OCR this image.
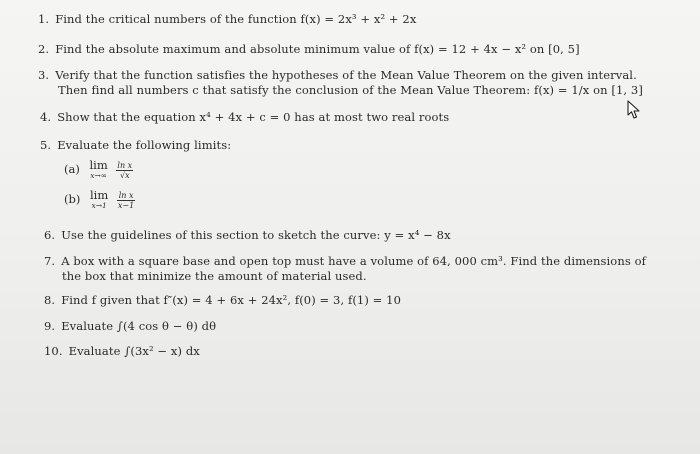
1. Find the critical numbers of the function f(x) = 2x³ + x² + 2x
2. Find the absolute maximum and absolute minimum value of f(x) = 12 + 4x − x² on [0, 5]
3. Verify that the function satisfies the hypotheses of the Mean Value Theorem on the given interval.
Then find all numbers c that satisfy the conclusion of the Mean Value Theorem: f(x) = 1/x on [1, 3]
4. Show that the equation x⁴ + 4x + c = 0 has at most two real roots
5. Evaluate the following limits:
(a) lim
x→∞
$\frac{\text{ln x}}{√x}$
(b) lim
x→1
$\frac{\text{ln x}}{x-1}$
6. Use the guidelines of this section to sketch the curve: y = x⁴ − 8x
7. A box with a square base and open top must have a volume of 64, 000 cm³. Find the dimensions of
the box that minimize the amount of material used.
8. Find f given that f″(x) = 4 + 6x + 24x², f(0) = 3, f(1) = 10
9. Evaluate ∫(4 cos θ − θ) dθ
10. Evaluate ∫(3x² − x) dx
